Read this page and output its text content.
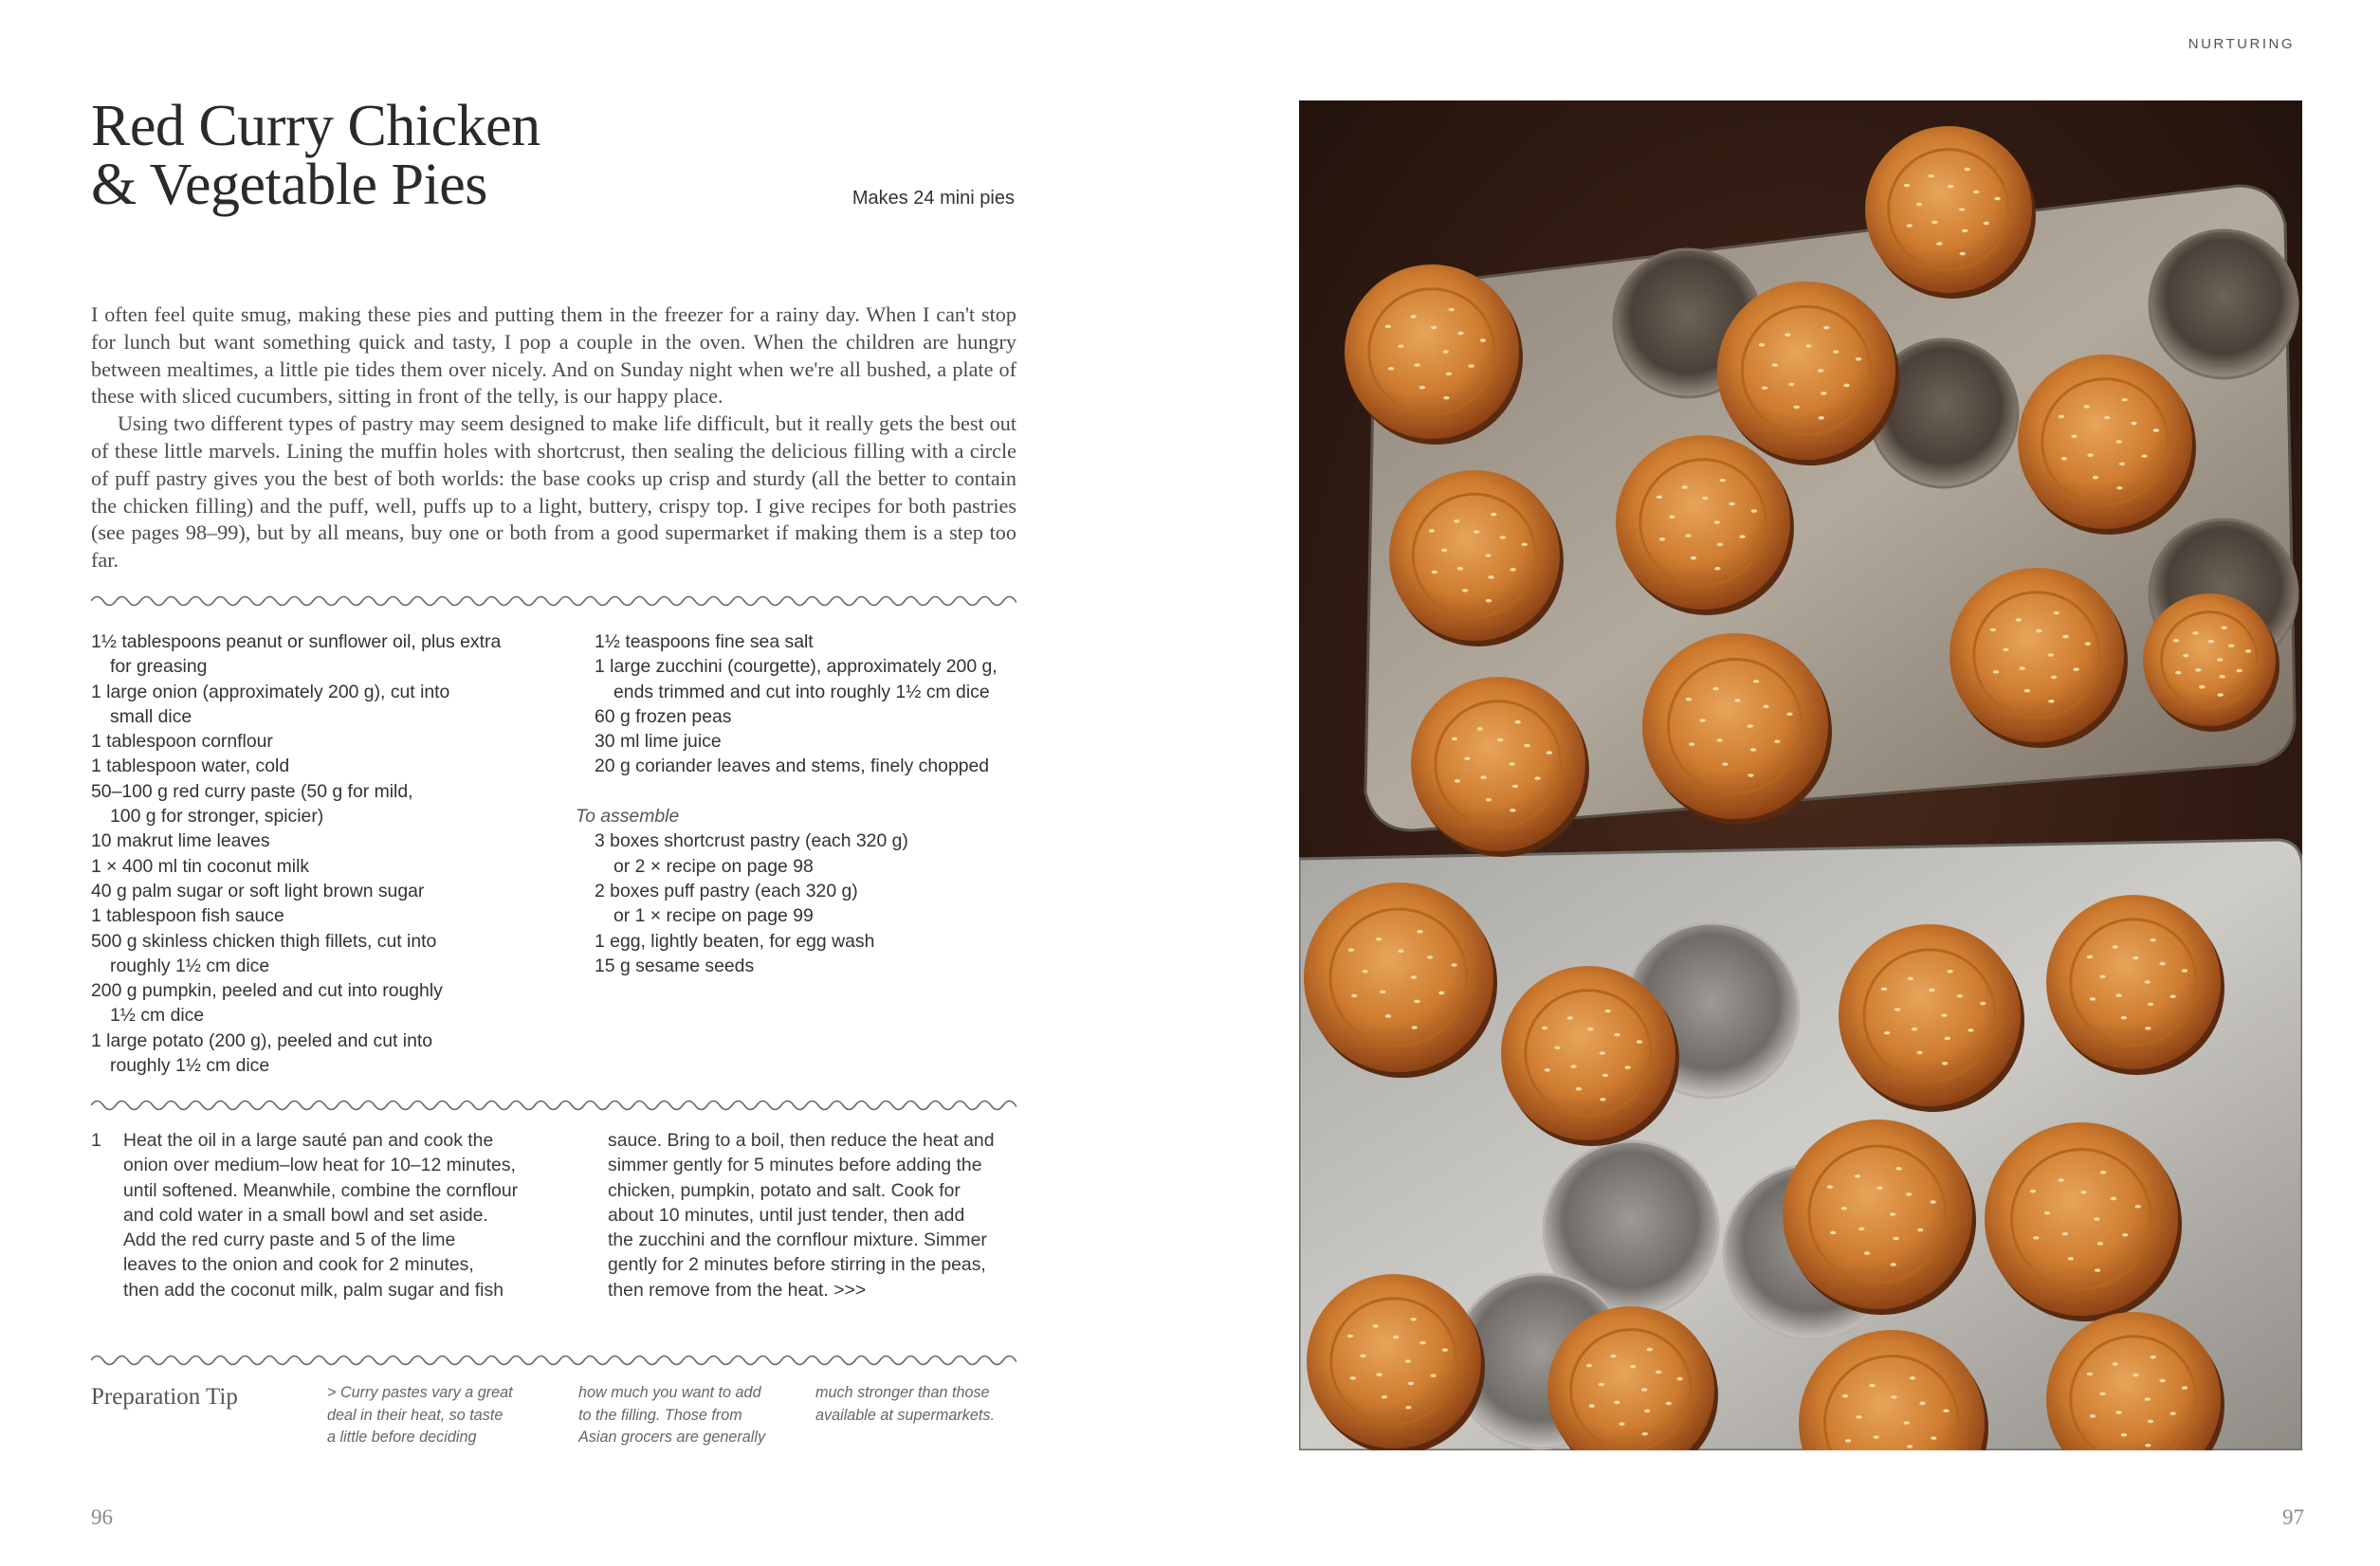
NURTURING
Red Curry Chicken
& Vegetable Pies	Makes 24 mini pies

I often feel quite smug, making these pies and putting them in the freezer for a rainy day. When I can't stop for lunch but want something quick and tasty, I pop a couple in the oven. When the children are hungry between mealtimes, a little pie tides them over nicely. And on Sunday night when we're all bushed, a plate of these with sliced cucumbers, sitting in front of the telly, is our happy place.

Using two different types of pastry may seem designed to make life difficult, but it really gets the best out of these little marvels. Lining the muffin holes with shortcrust, then sealing the delicious filling with a circle of puff pastry gives you the best of both worlds: the base cooks up crisp and sturdy (all the better to contain the chicken filling) and the puff, well, puffs up to a light, buttery, crispy top. I give recipes for both pastries (see pages 98–99), but by all means, buy one or both from a good supermarket if making them is a step too far.

1½ tablespoons peanut or sunflower oil, plus extra
for greasing
1 large onion (approximately 200 g), cut into
small dice
1 tablespoon cornflour
1 tablespoon water, cold
50–100 g red curry paste (50 g for mild,
100 g for stronger, spicier)
10 makrut lime leaves
1 × 400 ml tin coconut milk
40 g palm sugar or soft light brown sugar
1 tablespoon fish sauce
500 g skinless chicken thigh fillets, cut into
roughly 1½ cm dice
200 g pumpkin, peeled and cut into roughly
1½ cm dice
1 large potato (200 g), peeled and cut into
roughly 1½ cm dice
1½ teaspoons fine sea salt
1 large zucchini (courgette), approximately 200 g,
ends trimmed and cut into roughly 1½ cm dice
60 g frozen peas
30 ml lime juice
20 g coriander leaves and stems, finely chopped
To assemble
3 boxes shortcrust pastry (each 320 g)
or 2 × recipe on page 98
2 boxes puff pastry (each 320 g)
or 1 × recipe on page 99
1 egg, lightly beaten, for egg wash
15 g sesame seeds
1 Heat the oil in a large sauté pan and cook the
onion over medium–low heat for 10–12 minutes,
until softened. Meanwhile, combine the cornflour
and cold water in a small bowl and set aside.
Add the red curry paste and 5 of the lime
leaves to the onion and cook for 2 minutes,
then add the coconut milk, palm sugar and fish
sauce. Bring to a boil, then reduce the heat and
simmer gently for 5 minutes before adding the
chicken, pumpkin, potato and salt. Cook for
about 10 minutes, until just tender, then add
the zucchini and the cornflour mixture. Simmer
gently for 2 minutes before stirring in the peas,
then remove from the heat. >>>
Preparation Tip	> Curry pastes vary a great
deal in their heat, so taste
a little before deciding
how much you want to add
to the filling. Those from
Asian grocers are generally
much stronger than those
available at supermarkets.
96	97
